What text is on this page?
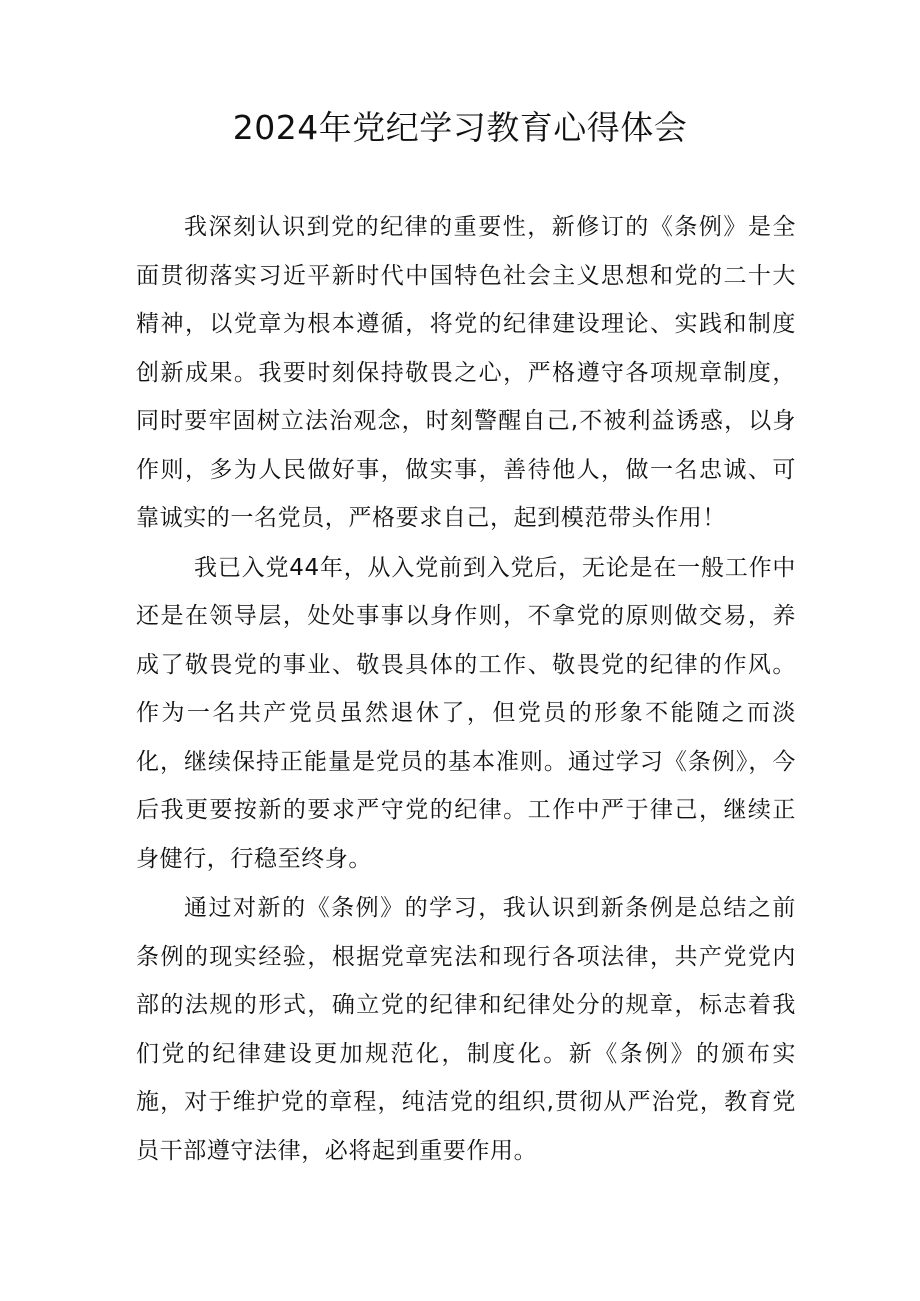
2024年党纪学习教育心得体会

我深刻认识到党的纪律的重要性，新修订的《条例》是全面贯彻落实习近平新时代中国特色社会主义思想和党的二十大精神，以党章为根本遵循，将党的纪律建设理论、实践和制度创新成果。我要时刻保持敬畏之心，严格遵守各项规章制度，同时要牢固树立法治观念，时刻警醒自己,不被利益诱惑，以身作则，多为人民做好事，做实事，善待他人，做一名忠诚、可靠诚实的一名党员，严格要求自己，起到模范带头作用！

我已入党44年，从入党前到入党后，无论是在一般工作中还是在领导层，处处事事以身作则，不拿党的原则做交易，养成了敬畏党的事业、敬畏具体的工作、敬畏党的纪律的作风。作为一名共产党员虽然退休了，但党员的形象不能随之而淡化，继续保持正能量是党员的基本准则。通过学习《条例》，今后我更要按新的要求严守党的纪律。工作中严于律己，继续正身健行，行稳至终身。

通过对新的《条例》的学习，我认识到新条例是总结之前条例的现实经验，根据党章宪法和现行各项法律，共产党党内部的法规的形式，确立党的纪律和纪律处分的规章，标志着我们党的纪律建设更加规范化，制度化。新《条例》的颁布实施，对于维护党的章程，纯洁党的组织,贯彻从严治党，教育党员干部遵守法律，必将起到重要作用。
